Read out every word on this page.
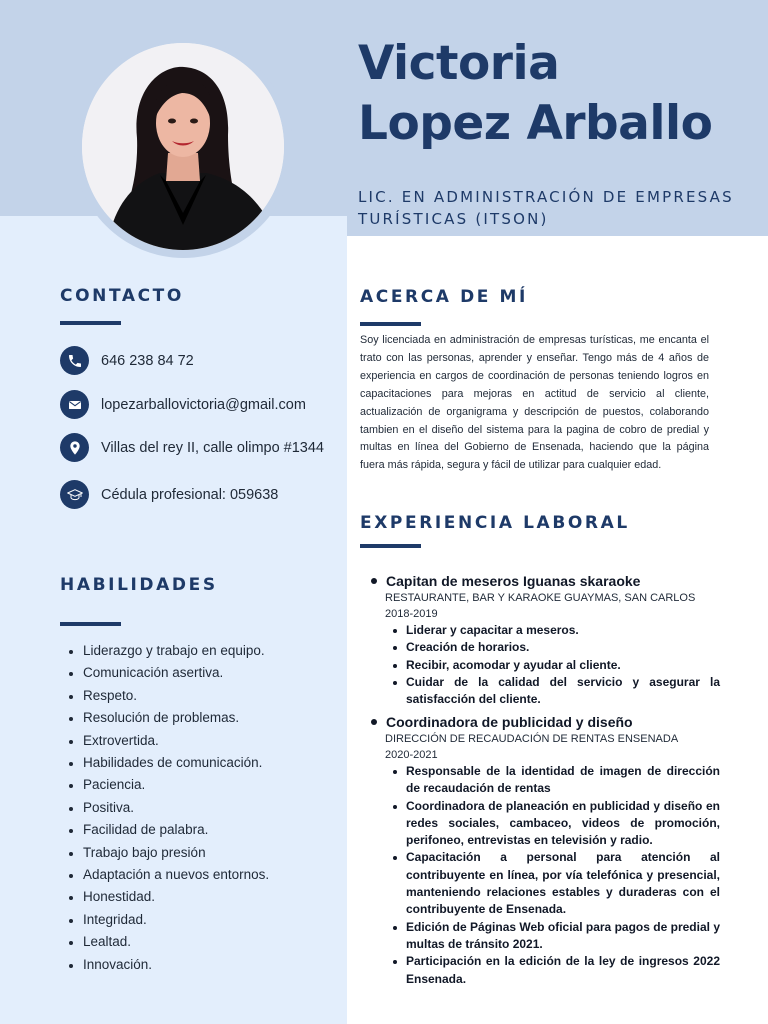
Victoria
Lopez Arballo
LIC. EN ADMINISTRACIÓN DE EMPRESAS TURÍSTICAS (ITSON)
CONTACTO
646 238 84 72
lopezarballovictoria@gmail.com
Villas del rey II, calle olimpo #1344
Cédula profesional: 059638
HABILIDADES
Liderazgo y trabajo en equipo.
Comunicación asertiva.
Respeto.
Resolución de problemas.
Extrovertida.
Habilidades de comunicación.
Paciencia.
Positiva.
Facilidad de palabra.
Trabajo bajo presión
Adaptación a nuevos entornos.
Honestidad.
Integridad.
Lealtad.
Innovación.
ACERCA DE MÍ

Soy licenciada en administración de empresas turísticas, me encanta el trato con las personas, aprender y enseñar. Tengo más de 4 años de experiencia en cargos de coordinación de personas teniendo logros en capacitaciones para mejoras en actitud de servicio al cliente, actualización de organigrama y descripción de puestos, colaborando tambien en el diseño del sistema para la pagina de cobro de predial y multas en línea del Gobierno de Ensenada, haciendo que la página fuera más rápida, segura y fácil de utilizar para cualquier edad.

EXPERIENCIA LABORAL
Capitan de meseros Iguanas skaraoke
RESTAURANTE, BAR Y KARAOKE GUAYMAS, SAN CARLOS
2018-2019
Liderar y capacitar a meseros.
Creación de horarios.
Recibir, acomodar y ayudar al cliente.
Cuidar de la calidad del servicio y asegurar la satisfacción del cliente.
Coordinadora de publicidad y diseño
DIRECCIÓN DE RECAUDACIÓN DE RENTAS ENSENADA
2020-2021
Responsable de la identidad de imagen de dirección de recaudación de rentas
Coordinadora de planeación en publicidad y diseño en redes sociales, cambaceo, videos de promoción, perifoneo, entrevistas en televisión y radio.
Capacitación a personal para atención al contribuyente en línea, por vía telefónica y presencial, manteniendo relaciones estables y duraderas con el contribuyente de Ensenada.
Edición de Páginas Web oficial para pagos de predial y multas de tránsito 2021.
Participación en la edición de la ley de ingresos 2022 Ensenada.
